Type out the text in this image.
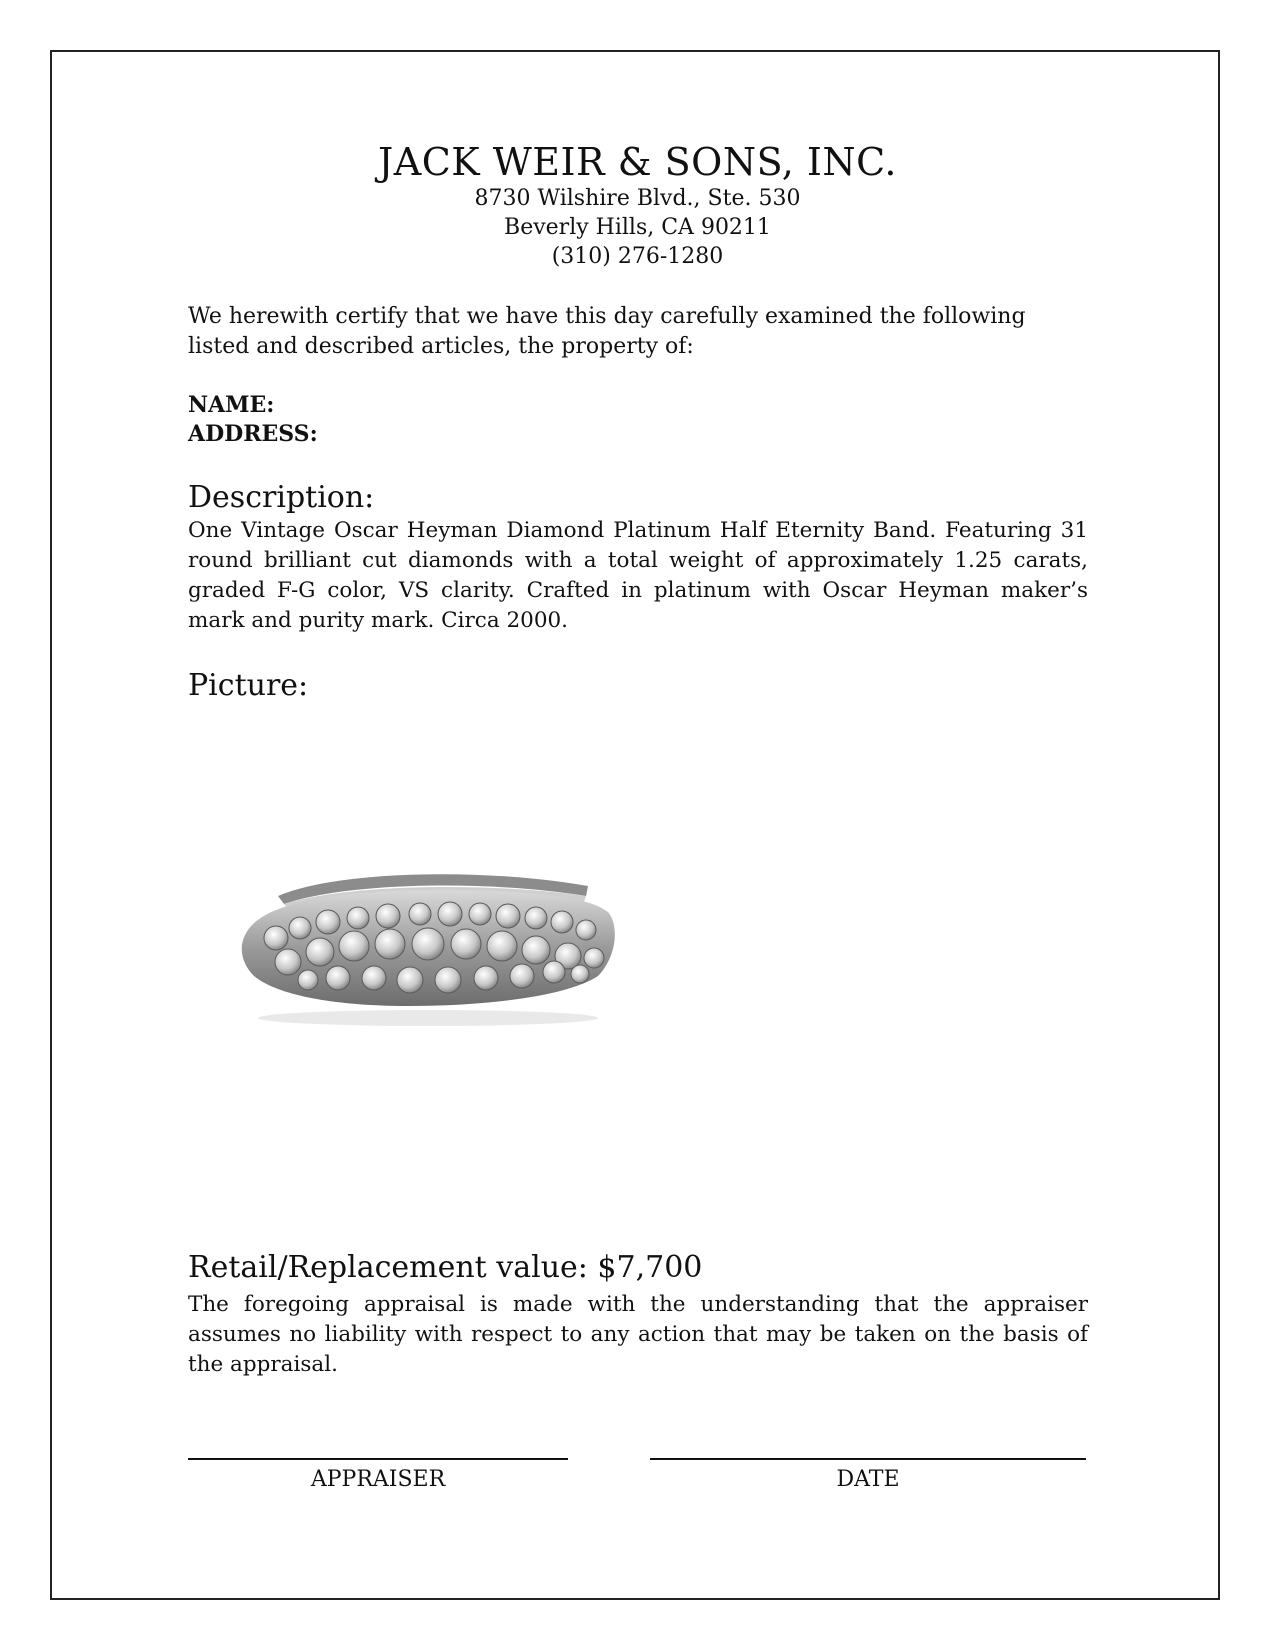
JACK WEIR & SONS, INC.
8730 Wilshire Blvd., Ste. 530
Beverly Hills, CA 90211
(310) 276-1280
We herewith certify that we have this day carefully examined the following listed and described articles, the property of:
NAME:
ADDRESS:
Description:
One Vintage Oscar Heyman Diamond Platinum Half Eternity Band. Featuring 31 round brilliant cut diamonds with a total weight of approximately 1.25 carats, graded F-G color, VS clarity. Crafted in platinum with Oscar Heyman maker’s mark and purity mark. Circa 2000.
Picture:
Retail/Replacement value: $7,700
The foregoing appraisal is made with the understanding that the appraiser assumes no liability with respect to any action that may be taken on the basis of the appraisal.
APPRAISER	DATE
